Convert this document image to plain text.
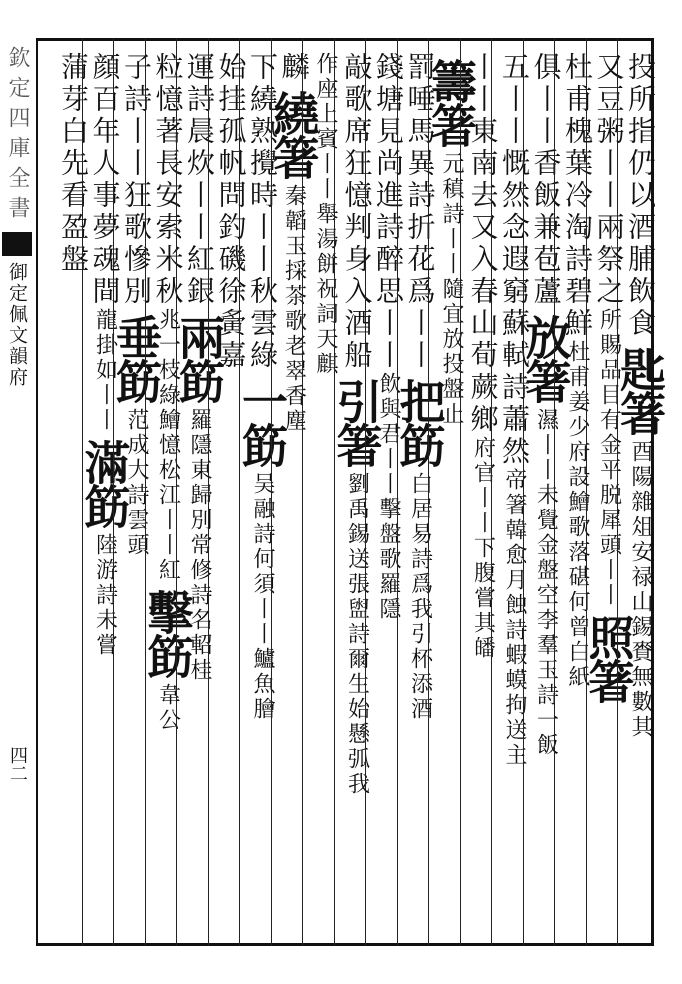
欽定四庫全書
御定佩文韻府
四二
投所指仍以酒脯飲食
匙箸
酉陽雜俎安禄山錫賚無數其
又豆粥丨丨兩祭之
所賜品目有金平脱犀頭丨丨
照箸
杜甫槐葉冷淘詩碧鮮
杜甫姜少府設鱠歌落碪何曾白紙
俱丨丨香飯兼苞蘆
放箸
濕丨丨未覺金盤空李羣玉詩一飯
五丨丨慨然念遐窮蘇軾詩蕭然
帝箸韓愈月蝕詩蝦蟆拘送主
丨丨東南去又入春山荀蕨鄉
府官丨丨下腹嘗其皤
籌箸
元稹詩丨丨隨宜放投盤止
罰唾馬異詩折花爲丨丨
把筯
白居易詩爲我引杯添酒
錢塘見尚進詩醉思丨丨
飲與君丨丨擊盤歌羅隱
敲歌席狂憶判身入酒船
引箸
劉禹錫送張盥詩爾生始懸弧我
作座上賓丨丨舉湯餅祝詞天麒
麟
繞箸
秦韜玉採茶歌老翠香塵
下繞熟攪時丨丨秋雲綠
一筯
吴融詩何須丨丨鱸魚膾
始挂孤帆問釣磯徐夤嘉
運詩晨炊丨丨紅銀
兩筯
羅隱東歸別常修詩名軺桂
粒憶著長安索米秋
兆一枝綠鱠憶松江丨丨紅
擊筯
韋公
子詩丨丨狂歌慘別
垂筯
范成大詩雲頭
顔百年人事夢魂間
龍掛如丨丨
滿筯
陸游詩未嘗
蒲芽白先看盈盤
